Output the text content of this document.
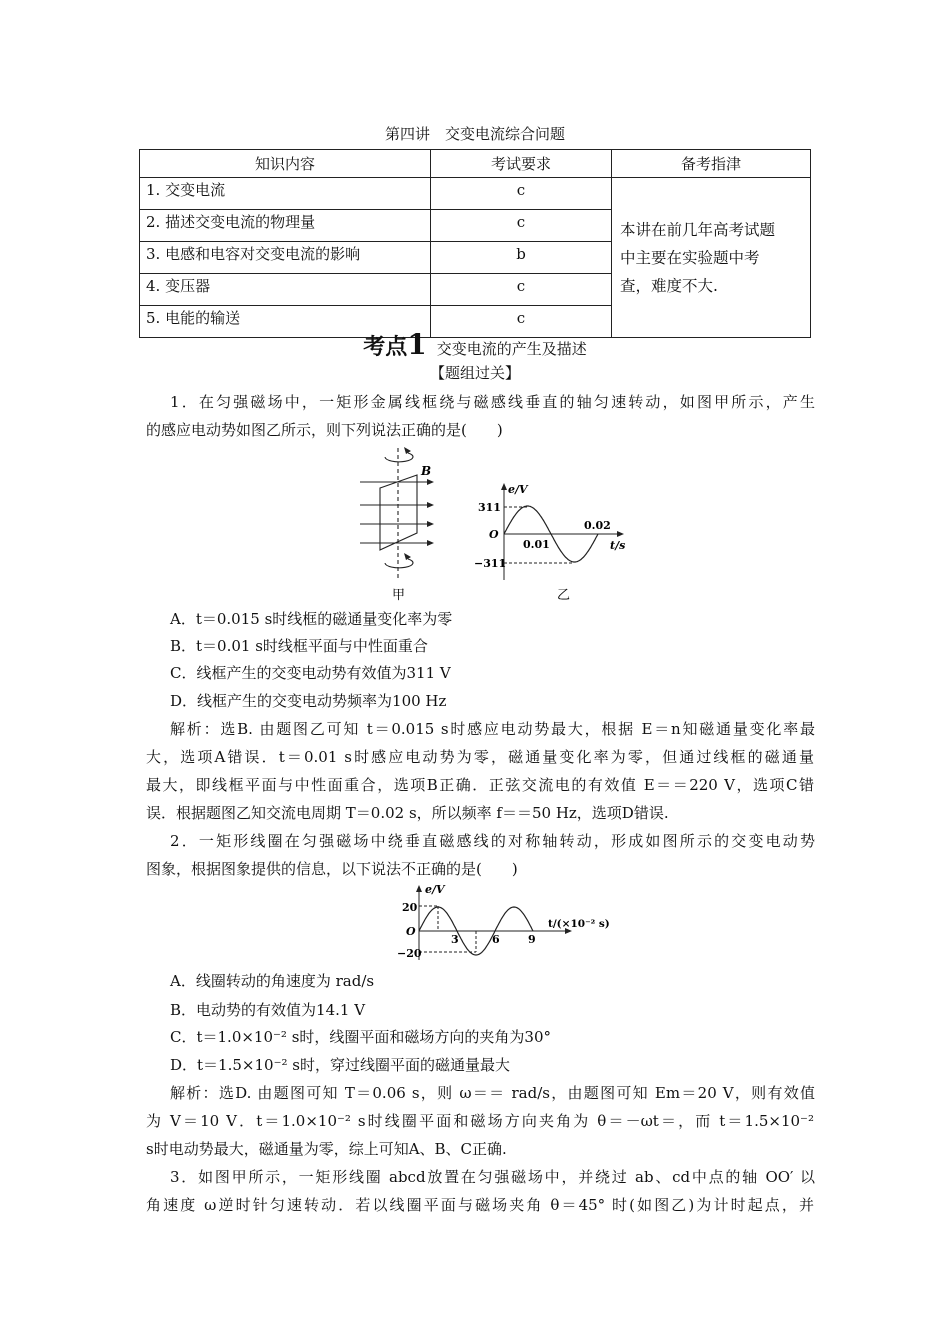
第四讲　交变电流综合问题
知识内容	考试要求	备考指津
1. 交变电流	c	本讲在前几年高考试题
中主要在实验题中考
查，难度不大.

2. 描述交变电流的物理量	c	
3. 电感和电容对交变电流的影响	b	
4. 变压器	c	
5. 电能的输送	c	
考点1 交变电流的产生及描述
【题组过关】
1．在匀强磁场中，一矩形金属线框绕与磁感线垂直的轴匀速转动，如图甲所示，产生
的感应电动势如图乙所示，则下列说法正确的是(　　)
B
甲
e/V
311
O
−311
0.01
0.02
t/s
乙
e/V
20
O
−20
3	6	9
t/(×10⁻² s)
A．t＝0.015 s时线框的磁通量变化率为零
B．t＝0.01 s时线框平面与中性面重合
C．线框产生的交变电动势有效值为311 V
D．线框产生的交变电动势频率为100 Hz
解析：选B. 由题图乙可知 t＝0.015 s时感应电动势最大，根据 E＝n知磁通量变化率最
大，选项A错误．t＝0.01 s时感应电动势为零，磁通量变化率为零，但通过线框的磁通量
最大，即线框平面与中性面重合，选项B正确．正弦交流电的有效值 E＝＝220 V，选项C错
误．根据题图乙知交流电周期 T＝0.02 s，所以频率 f＝＝50 Hz，选项D错误.
2．一矩形线圈在匀强磁场中绕垂直磁感线的对称轴转动，形成如图所示的交变电动势
图象，根据图象提供的信息，以下说法不正确的是(　　)
A．线圈转动的角速度为 rad/s
B．电动势的有效值为14.1 V
C．t＝1.0×10⁻² s时，线圈平面和磁场方向的夹角为30°
D．t＝1.5×10⁻² s时，穿过线圈平面的磁通量最大
解析：选D. 由题图可知 T＝0.06 s，则 ω＝＝ rad/s，由题图可知 Em＝20 V，则有效值
为 V＝10 V．t＝1.0×10⁻² s时线圈平面和磁场方向夹角为 θ＝－ωt＝，而 t＝1.5×10⁻²
s时电动势最大，磁通量为零，综上可知A、B、C正确.
3．如图甲所示，一矩形线圈 abcd放置在匀强磁场中，并绕过 ab、cd中点的轴 OO′ 以
角速度 ω逆时针匀速转动．若以线圈平面与磁场夹角 θ＝45° 时(如图乙)为计时起点，并
